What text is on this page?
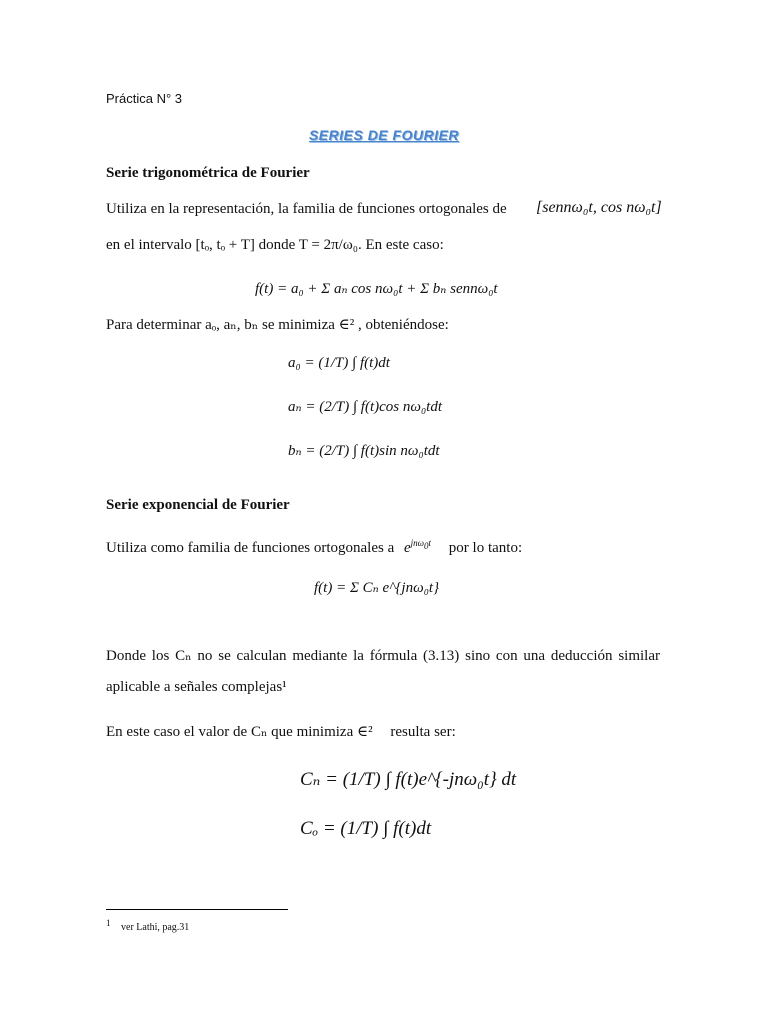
Práctica N° 3
SERIES DE FOURIER
Serie trigonométrica de Fourier
Utiliza en la representación, la familia de funciones ortogonales de [sennω₀t, cos nω₀t]
en el intervalo [tₒ, tₒ + T] donde T = 2π/ω₀. En este caso:
f(t) = a₀ + Σ aₙ cos nω₀t + Σ bₙ sennω₀t
Para determinar aₒ, aₙ, bₙ se minimiza ∈² , obteniéndose:
a₀ = (1/T) ∫ f(t)dt
aₙ = (2/T) ∫ f(t)cos nω₀tdt
bₙ = (2/T) ∫ f(t)sin nω₀tdt
Serie exponencial de Fourier
Utiliza como familia de funciones ortogonales a $e^{jn\omega_0t}$ por lo tanto:
f(t) = Σ Cₙ e^{jnω₀t}
Donde los Cₙ no se calculan mediante la fórmula (3.13) sino con una deducción similar
aplicable a señales complejas¹
En este caso el valor de Cₙ que minimiza ∈² resulta ser:
Cₙ = (1/T) ∫ f(t)e^{-jnω₀t} dt
Cₒ = (1/T) ∫ f(t)dt
$^1$ ver Lathi, pag.31
